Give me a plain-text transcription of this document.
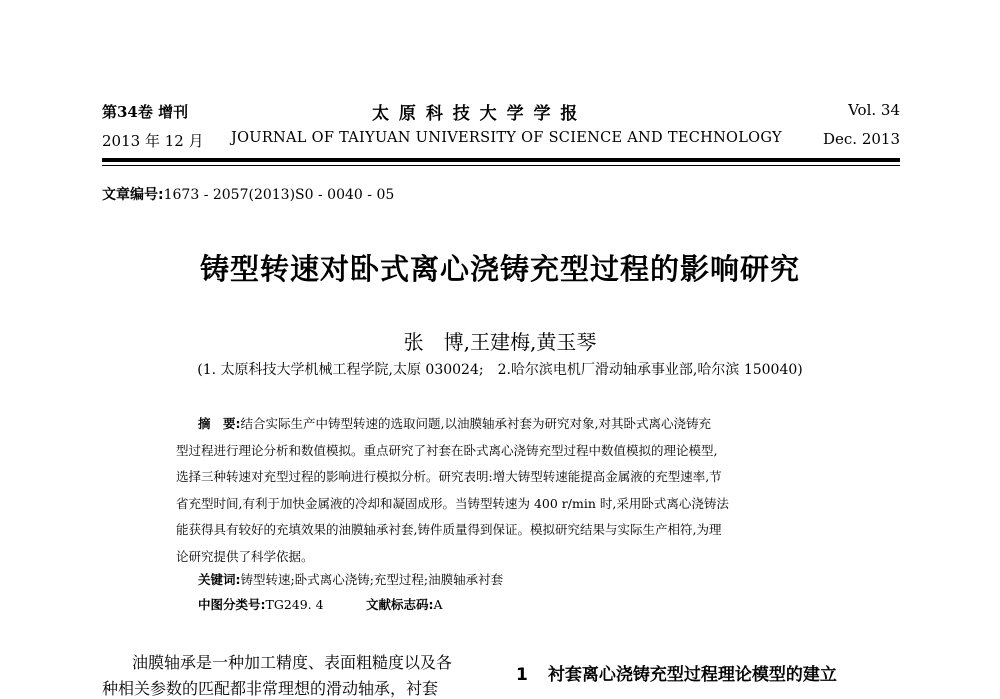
第34卷 增刊	太 原 科 技 大 学 学 报	Vol. 34
2013 年 12 月 JOURNAL OF TAIYUAN UNIVERSITY OF SCIENCE AND TECHNOLOGY	Dec. 2013
文章编号:1673 - 2057(2013)S0 - 0040 - 05
铸型转速对卧式离心浇铸充型过程的影响研究
张　博,王建梅,黄玉琴
(1. 太原科技大学机械工程学院,太原 030024;　2.哈尔滨电机厂滑动轴承事业部,哈尔滨 150040)
摘　要:结合实际生产中铸型转速的选取问题,以油膜轴承衬套为研究对象,对其卧式离心浇铸充
型过程进行理论分析和数值模拟。重点研究了衬套在卧式离心浇铸充型过程中数值模拟的理论模型,
选择三种转速对充型过程的影响进行模拟分析。研究表明:增大铸型转速能提高金属液的充型速率,节
省充型时间,有利于加快金属液的冷却和凝固成形。当铸型转速为 400 r/min 时,采用卧式离心浇铸法
能获得具有较好的充填效果的油膜轴承衬套,铸件质量得到保证。模拟研究结果与实际生产相符,为理
论研究提供了科学依据。
关键词:铸型转速;卧式离心浇铸;充型过程;油膜轴承衬套
中图分类号:TG249. 4	文献标志码:A
油膜轴承是一种加工精度、表面粗糙度以及各
种相关参数的匹配都非常理想的滑动轴承，衬套
1 衬套离心浇铸充型过程理论模型的建立
